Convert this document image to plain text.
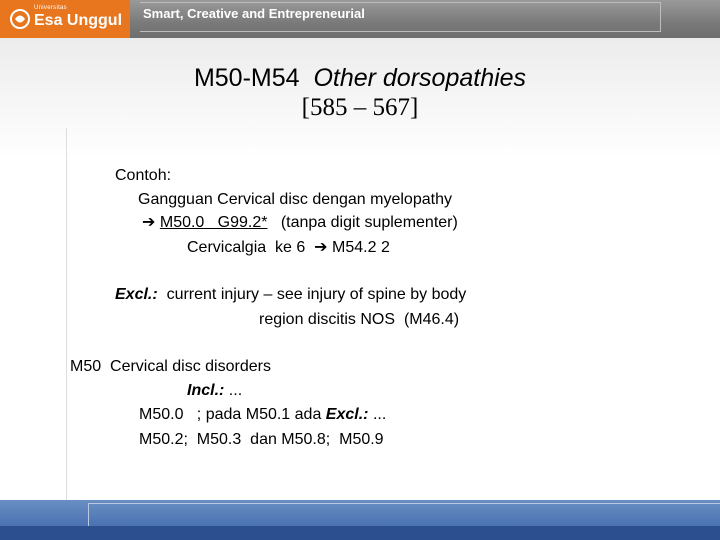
Universitas
Esa Unggul Smart, Creative and Entrepreneurial
M50-M54 Other dorsopathies
[585 – 567]
Contoh:
Gangguan Cervical disc dengan myelopathy
➔ M50.0   G99.2* (tanpa digit suplementer)
Cervicalgia  ke 6 ➔ M54.2 2
Excl.: current injury – see injury of spine by body
region discitis NOS  (M46.4)
M50 Cervical disc disorders
Incl.: ...
M50.0   ; pada M50.1 ada Excl.: ...
M50.2;  M50.3  dan M50.8;  M50.9
